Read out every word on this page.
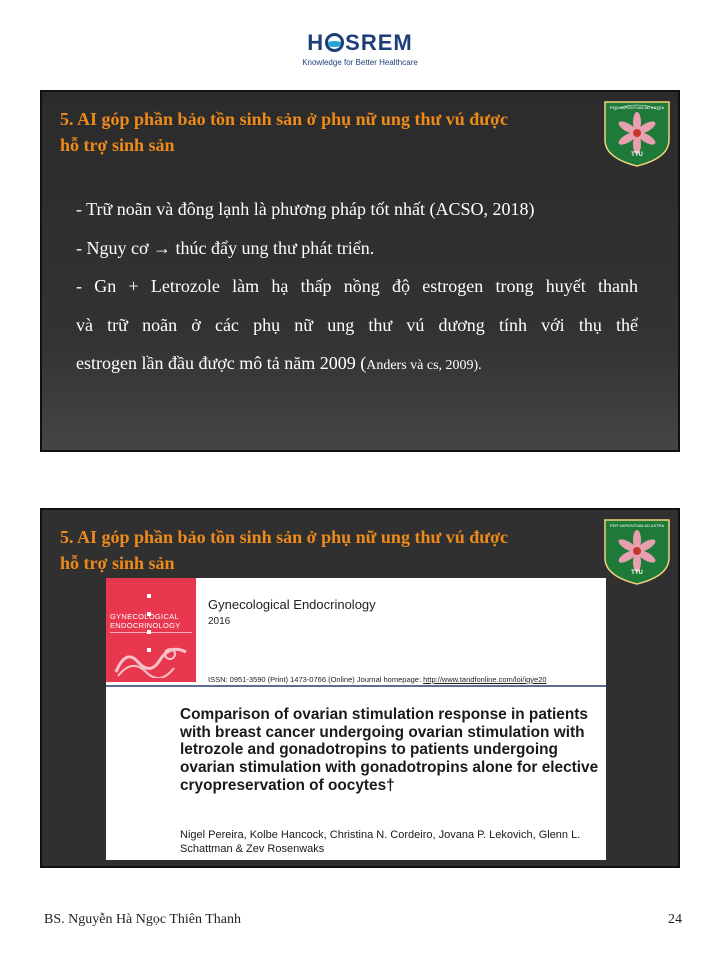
H SREM
Knowledge for Better Healthcare
5. AI góp phần bảo tồn sinh sản ở phụ nữ ung thư vú được
hỗ trợ sinh sản
PER SAPIENTIAM AD ASTRA
TTU

- Trữ noãn và đông lạnh là phương pháp tốt nhất (ACSO, 2018)

- Nguy cơ → thúc đẩy ung thư phát triển.

- Gn + Letrozole làm hạ thấp nồng độ estrogen trong huyết thanh

và trữ noãn ở các phụ nữ ung thư vú dương tính với thụ thể

estrogen lần đầu được mô tả năm 2009 (Anders và cs, 2009).

5. AI góp phần bảo tồn sinh sản ở phụ nữ ung thư vú được
hỗ trợ sinh sản
PER SAPIENTIAM AD ASTRA
TTU
GYNECOLOGICAL
ENDOCRINOLOGY
Gynecological Endocrinology
2016
ISSN: 0951-3590 (Print) 1473-0766 (Online) Journal homepage: http://www.tandfonline.com/loi/igye20
Comparison of ovarian stimulation response in patients with breast cancer undergoing ovarian stimulation with letrozole and gonadotropins to patients undergoing ovarian stimulation with gonadotropins alone for elective cryopreservation of oocytes†
Nigel Pereira, Kolbe Hancock, Christina N. Cordeiro, Jovana P. Lekovich, Glenn L. Schattman & Zev Rosenwaks
BS. Nguyễn Hà Ngọc Thiên Thanh	24
